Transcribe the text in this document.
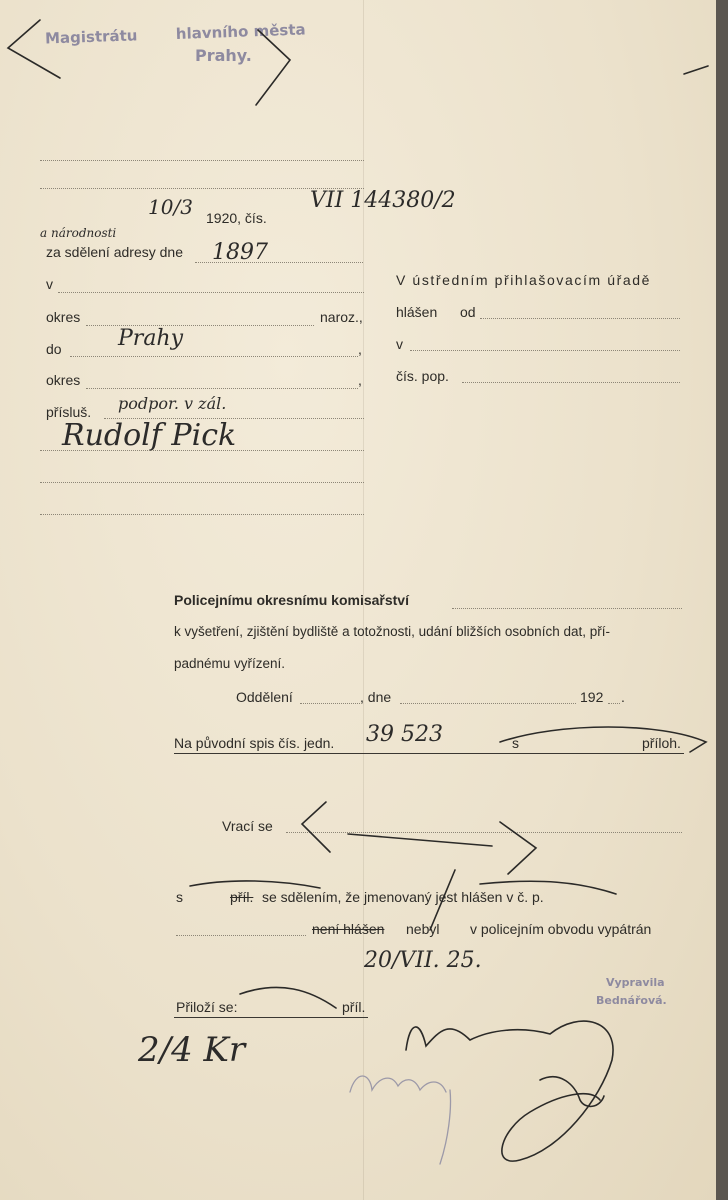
Magistrátu	hlavního města
Prahy.
10/3 1920, čís.
VII 144380/2
a národnosti
za sdělení adresy dne 1897
v
okres	naroz.,
do	Prahy	,
okres	,
přísluš. podpor. v zál.
Rudolf Pick
V ústředním přihlašovacím úřadě
hlášen od
v
čís. pop.
Policejnímu okresnímu komisařství
k vyšetření, zjištění bydliště a totožnosti, udání bližších osobních dat, pří-
padnému vyřízení.
Oddělení	, dne	192 .
Na původní spis čís. jedn. 39 523	s	příloh.
Vrací se
s	příl. se sdělením, že jmenovaný jest hlášen v č. p.
není hlášen nebyl v policejním obvodu vypátrán
20/VII. 25.
Přiloží se:	příl.
2/4 Kr
Vypravila
Bednářová.
